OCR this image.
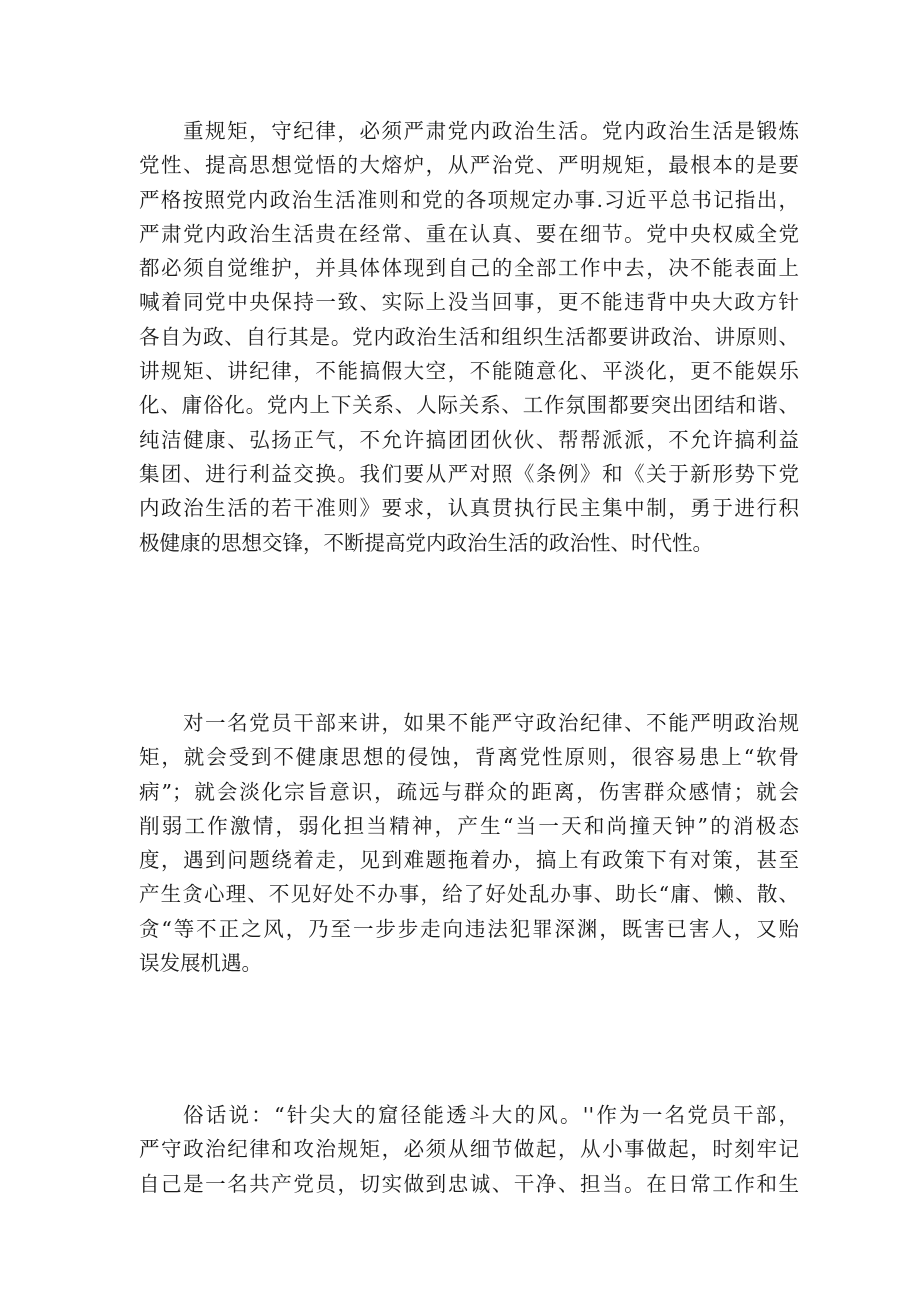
重规矩，守纪律，必须严肃党内政治生活。党内政治生活是锻炼
党性、提高思想觉悟的大熔炉，从严治党、严明规矩，最根本的是要
严格按照党内政治生活准则和党的各项规定办事.习近平总书记指出，
严肃党内政治生活贵在经常、重在认真、要在细节。党中央权威全党
都必须自觉维护，并具体体现到自己的全部工作中去，决不能表面上
喊着同党中央保持一致、实际上没当回事，更不能违背中央大政方针
各自为政、自行其是。党内政治生活和组织生活都要讲政治、讲原则、
讲规矩、讲纪律，不能搞假大空，不能随意化、平淡化，更不能娱乐
化、庸俗化。党内上下关系、人际关系、工作氛围都要突出团结和谐、
纯洁健康、弘扬正气，不允许搞团团伙伙、帮帮派派，不允许搞利益
集团、进行利益交换。我们要从严对照《条例》和《关于新形势下党
内政治生活的若干准则》要求，认真贯执行民主集中制，勇于进行积
极健康的思想交锋，不断提高党内政治生活的政治性、时代性。
对一名党员干部来讲，如果不能严守政治纪律、不能严明政治规
矩，就会受到不健康思想的侵蚀，背离党性原则，很容易患上“软骨
病”；就会淡化宗旨意识，疏远与群众的距离，伤害群众感情；就会
削弱工作激情，弱化担当精神，产生“当一天和尚撞天钟”的消极态
度，遇到问题绕着走，见到难题拖着办，搞上有政策下有对策，甚至
产生贪心理、不见好处不办事，给了好处乱办事、助长“庸、懒、散、
贪“等不正之风，乃至一步步走向违法犯罪深渊，既害已害人，又贻
误发展机遇。
俗话说：“针尖大的窟径能透斗大的风。''作为一名党员干部，
严守政治纪律和攻治规矩，必须从细节做起，从小事做起，时刻牢记
自己是一名共产党员，切实做到忠诚、干净、担当。在日常工作和生
